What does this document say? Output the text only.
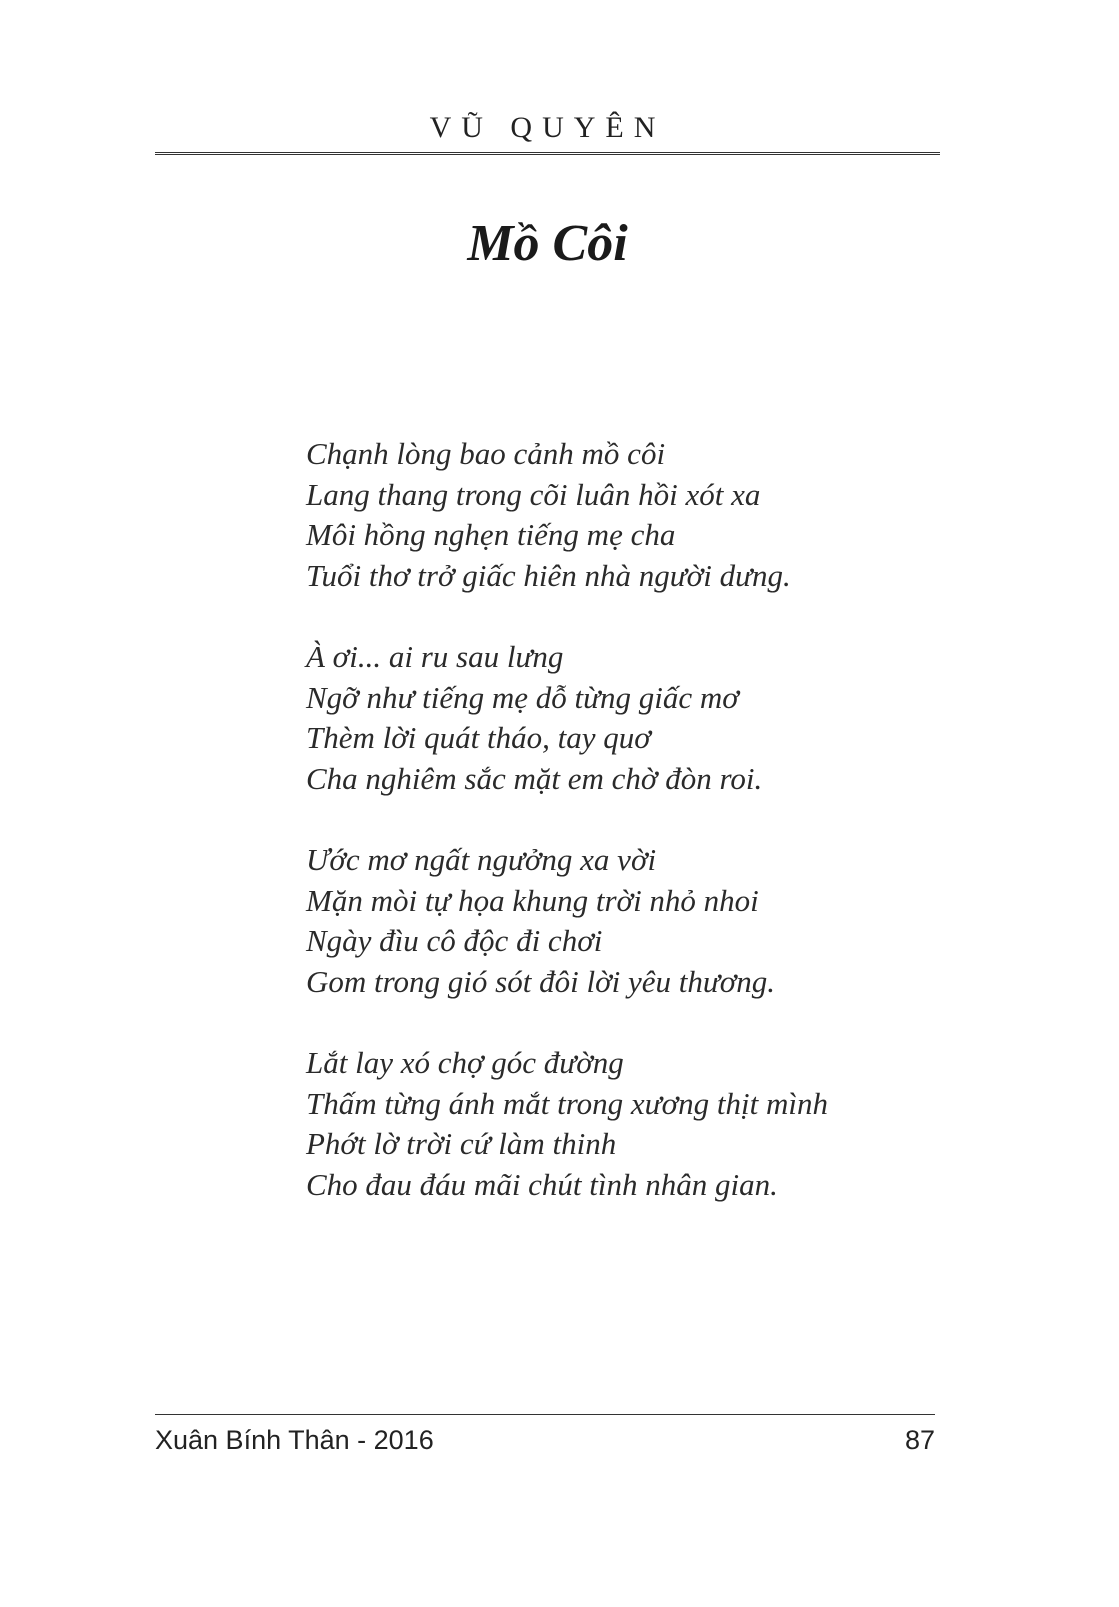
VŨ QUYÊN
Mồ Côi
Chạnh lòng bao cảnh mồ côi
Lang thang trong cõi luân hồi xót xa
Môi hồng nghẹn tiếng mẹ cha
Tuổi thơ trở giấc hiên nhà người dưng.
À ơi... ai ru sau lưng
Ngỡ như tiếng mẹ dỗ từng giấc mơ
Thèm lời quát tháo, tay quơ
Cha nghiêm sắc mặt em chờ đòn roi.
Ước mơ ngất ngưởng xa vời
Mặn mòi tự họa khung trời nhỏ nhoi
Ngày đìu cô độc đi chơi
Gom trong gió sót đôi lời yêu thương.
Lắt lay xó chợ góc đường
Thấm từng ánh mắt trong xương thịt mình
Phớt lờ trời cứ làm thinh
Cho đau đáu mãi chút tình nhân gian.
Xuân Bính Thân - 2016	87
